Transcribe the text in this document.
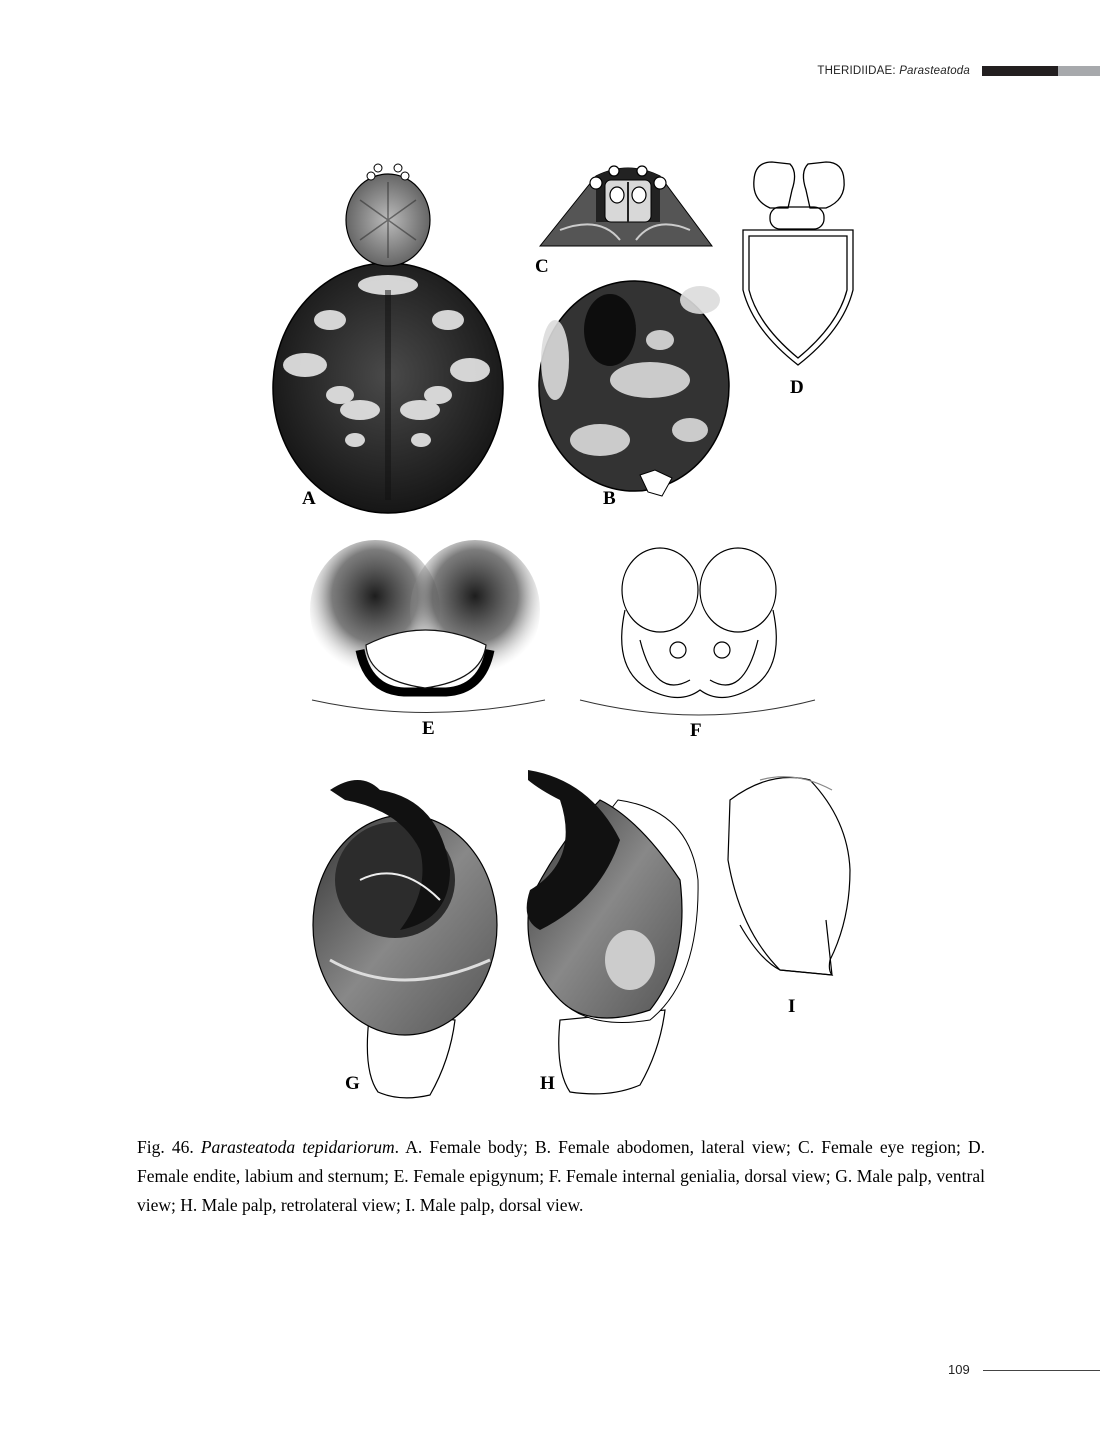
THERIDIIDAE: Parasteatoda
A	B
C
D
E	F
G	H
I
Fig. 46. Parasteatoda tepidariorum. A. Female body; B. Female abodomen, lateral view; C. Female eye region; D. Female endite, labium and sternum; E. Female epigynum; F. Female internal genialia, dorsal view; G. Male palp, ventral view; H. Male palp, retrolateral view; I. Male palp, dorsal view.
109
